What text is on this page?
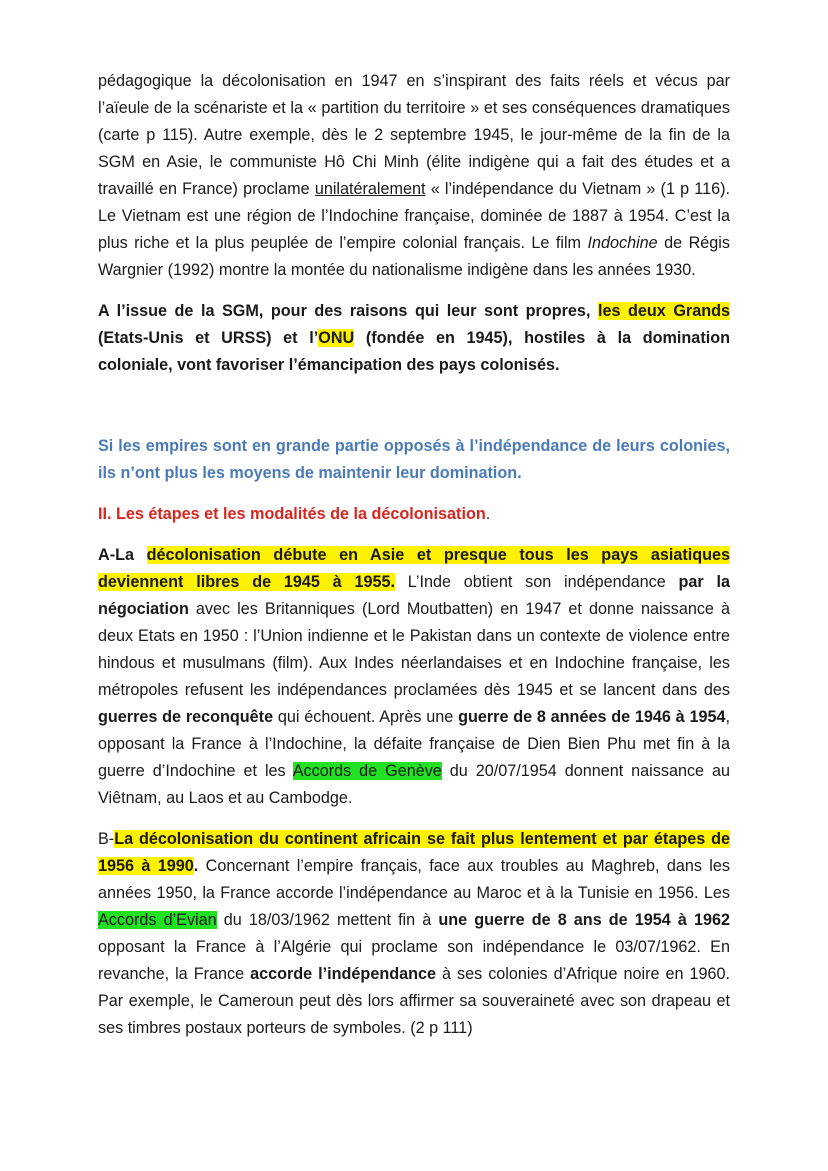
pédagogique la décolonisation en 1947 en s’inspirant des faits réels et vécus par l’aïeule de la scénariste et la « partition du territoire » et ses conséquences dramatiques (carte p 115). Autre exemple, dès le 2 septembre 1945, le jour-même de la fin de la SGM en Asie, le communiste Hô Chi Minh (élite indigène qui a fait des études et a travaillé en France) proclame unilatéralement « l’indépendance du Vietnam » (1 p 116). Le Vietnam est une région de l’Indochine française, dominée de 1887 à 1954. C’est la plus riche et la plus peuplée de l’empire colonial français. Le film Indochine de Régis Wargnier (1992) montre la montée du nationalisme indigène dans les années 1930.

A l’issue de la SGM, pour des raisons qui leur sont propres, les deux Grands (Etats-Unis et URSS) et l’ONU (fondée en 1945), hostiles à la domination coloniale, vont favoriser l’émancipation des pays colonisés.

Si les empires sont en grande partie opposés à l’indépendance de leurs colonies, ils n’ont plus les moyens de maintenir leur domination.

II. Les étapes et les modalités de la décolonisation.

A-La décolonisation débute en Asie et presque tous les pays asiatiques deviennent libres de 1945 à 1955. L’Inde obtient son indépendance par la négociation avec les Britanniques (Lord Moutbatten) en 1947 et donne naissance à deux Etats en 1950 : l’Union indienne et le Pakistan dans un contexte de violence entre hindous et musulmans (film). Aux Indes néerlandaises et en Indochine française, les métropoles refusent les indépendances proclamées dès 1945 et se lancent dans des guerres de reconquête qui échouent. Après une guerre de 8 années de 1946 à 1954, opposant la France à l’Indochine, la défaite française de Dien Bien Phu met fin à la guerre d’Indochine et les Accords de Genève du 20/07/1954 donnent naissance au Viêtnam, au Laos et au Cambodge.

B-La décolonisation du continent africain se fait plus lentement et par étapes de 1956 à 1990. Concernant l’empire français, face aux troubles au Maghreb, dans les années 1950, la France accorde l’indépendance au Maroc et à la Tunisie en 1956. Les Accords d’Evian du 18/03/1962 mettent fin à une guerre de 8 ans de 1954 à 1962 opposant la France à l’Algérie qui proclame son indépendance le 03/07/1962. En revanche, la France accorde l’indépendance à ses colonies d’Afrique noire en 1960. Par exemple, le Cameroun peut dès lors affirmer sa souveraineté avec son drapeau et ses timbres postaux porteurs de symboles. (2 p 111)
